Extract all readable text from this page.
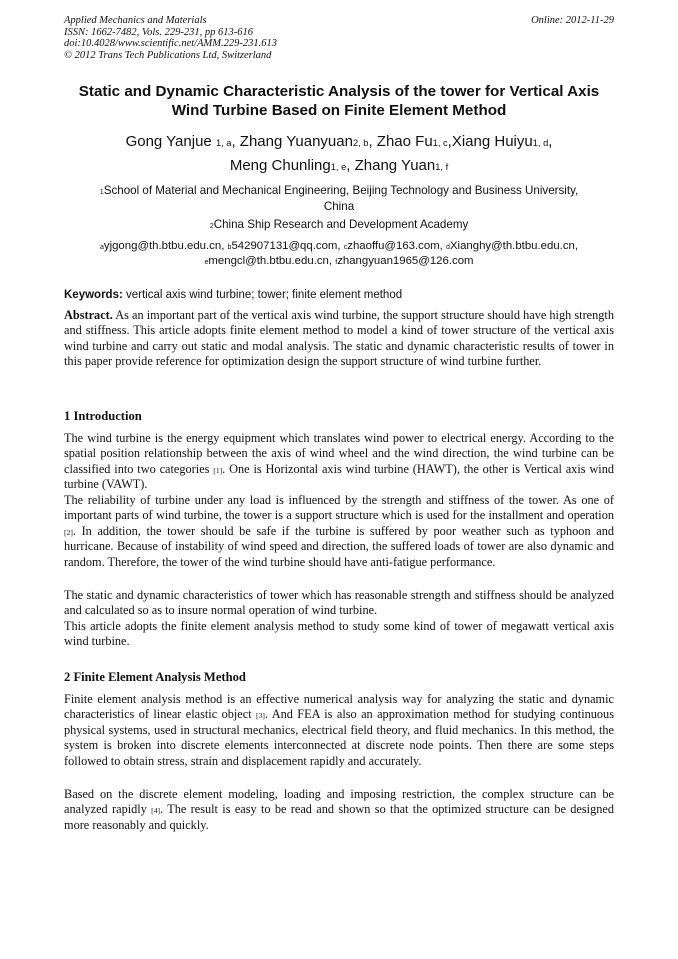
Applied Mechanics and Materials
ISSN: 1662-7482, Vols. 229-231, pp 613-616
doi:10.4028/www.scientific.net/AMM.229-231.613
© 2012 Trans Tech Publications Ltd, Switzerland
Online: 2012-11-29
Static and Dynamic Characteristic Analysis of the tower for Vertical Axis
Wind Turbine Based on Finite Element Method
Gong Yanjue $^{1, a}$, Zhang Yuanyuan$^{2, b}$, Zhao Fu$^{1, c}$,Xiang Huiyu$^{1, d}$,
Meng Chunling$^{1, e}$, Zhang Yuan$^{1, f}$
$^1$School of Material and Mechanical Engineering, Beijing Technology and Business University,
China
$^2$China Ship Research and Development Academy
$^a$yjgong@th.btbu.edu.cn, $^b$542907131@qq.com, $^c$zhaoffu@163.com, $^d$Xianghy@th.btbu.edu.cn,
$^e$mengcl@th.btbu.edu.cn, $^f$zhangyuan1965@126.com
Keywords: vertical axis wind turbine; tower; finite element method
Abstract. As an important part of the vertical axis wind turbine, the support structure should have high strength and stiffness. This article adopts finite element method to model a kind of tower structure of the vertical axis wind turbine and carry out static and modal analysis. The static and dynamic characteristic results of tower in this paper provide reference for optimization design the support structure of wind turbine further.
1 Introduction
The wind turbine is the energy equipment which translates wind power to electrical energy. According to the spatial position relationship between the axis of wind wheel and the wind direction, the wind turbine can be classified into two categories [1]. One is Horizontal axis wind turbine (HAWT), the other is Vertical axis wind turbine (VAWT).
The reliability of turbine under any load is influenced by the strength and stiffness of the tower. As one of important parts of wind turbine, the tower is a support structure which is used for the installment and operation [2]. In addition, the tower should be safe if the turbine is suffered by poor weather such as typhoon and hurricane. Because of instability of wind speed and direction, the suffered loads of tower are also dynamic and random. Therefore, the tower of the wind turbine should have anti-fatigue performance.
The static and dynamic characteristics of tower which has reasonable strength and stiffness should be analyzed and calculated so as to insure normal operation of wind turbine.
This article adopts the finite element analysis method to study some kind of tower of megawatt vertical axis wind turbine.
2 Finite Element Analysis Method
Finite element analysis method is an effective numerical analysis way for analyzing the static and dynamic characteristics of linear elastic object [3]. And FEA is also an approximation method for studying continuous physical systems, used in structural mechanics, electrical field theory, and fluid mechanics. In this method, the system is broken into discrete elements interconnected at discrete node points. Then there are some steps followed to obtain stress, strain and displacement rapidly and accurately.
Based on the discrete element modeling, loading and imposing restriction, the complex structure can be analyzed rapidly [4]. The result is easy to be read and shown so that the optimized structure can be designed more reasonably and quickly.
